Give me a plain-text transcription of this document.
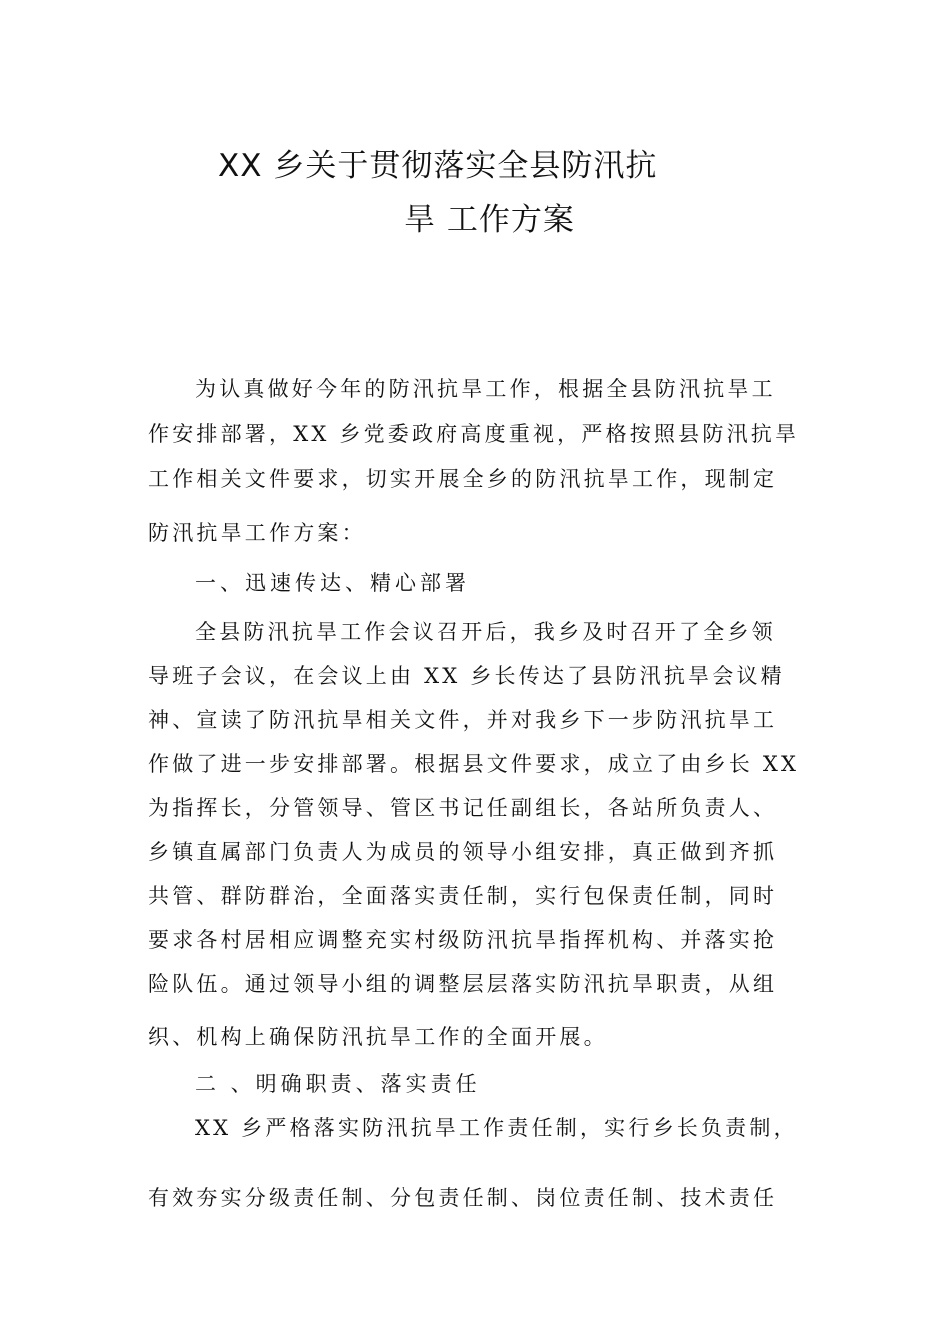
XX 乡关于贯彻落实全县防汛抗
旱 工作方案
为认真做好今年的防汛抗旱工作，根据全县防汛抗旱工
作安排部署，XX 乡党委政府高度重视，严格按照县防汛抗旱
工作相关文件要求，切实开展全乡的防汛抗旱工作，现制定
防汛抗旱工作方案：
一、迅速传达、精心部署
全县防汛抗旱工作会议召开后，我乡及时召开了全乡领
导班子会议，在会议上由 XX 乡长传达了县防汛抗旱会议精
神、宣读了防汛抗旱相关文件，并对我乡下一步防汛抗旱工
作做了进一步安排部署。根据县文件要求，成立了由乡长 XX
为指挥长，分管领导、管区书记任副组长，各站所负责人、
乡镇直属部门负责人为成员的领导小组安排，真正做到齐抓
共管、群防群治，全面落实责任制，实行包保责任制，同时
要求各村居相应调整充实村级防汛抗旱指挥机构、并落实抢
险队伍。通过领导小组的调整层层落实防汛抗旱职责，从组
织、机构上确保防汛抗旱工作的全面开展。
二 、明确职责、落实责任
XX 乡严格落实防汛抗旱工作责任制，实行乡长负责制，
有效夯实分级责任制、分包责任制、岗位责任制、技术责任
